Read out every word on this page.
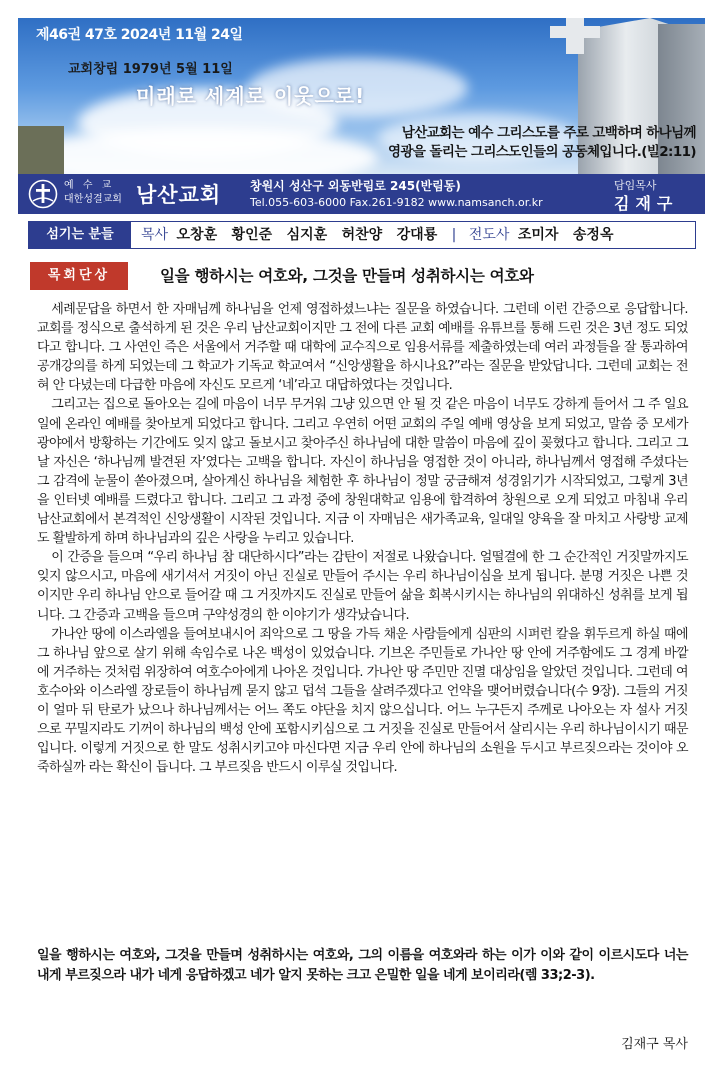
제46권 47호 2024년 11월 24일
교회창립 1979년 5월 11일
미래로 세계로 이웃으로!
남산교회는 예수 그리스도를 주로 고백하며 하나님께
영광을 돌리는 그리스도인들의 공동체입니다.(빌2:11)
예 수 교
대한성결교회 남산교회 창원시 성산구 외동반림로 245(반림동)
Tel.055-603-6000 Fax.261-9182 www.namsanch.or.kr
담임목사
김재구
섬기는 분들	목사 오창훈 황인준 심지훈 허찬양 강대룡 | 전도사 조미자 송정옥
목회단상	일을 행하시는 여호와, 그것을 만들며 성취하시는 여호와

세례문답을 하면서 한 자매님께 하나님을 언제 영접하셨느냐는 질문을 하였습니다. 그런데 이런 간증으로 응답합니다. 교회를 정식으로 출석하게 된 것은 우리 남산교회이지만 그 전에 다른 교회 예배를 유튜브를 통해 드린 것은 3년 정도 되었다고 합니다. 그 사연인 즉은 서울에서 거주할 때 대학에 교수직으로 임용서류를 제출하였는데 여러 과정들을 잘 통과하여 공개강의를 하게 되었는데 그 학교가 기독교 학교여서 “신앙생활을 하시나요?”라는 질문을 받았답니다. 그런데 교회는 전혀 안 다녔는데 다급한 마음에 자신도 모르게 ‘네’라고 대답하였다는 것입니다.

그리고는 집으로 돌아오는 길에 마음이 너무 무거워 그냥 있으면 안 될 것 같은 마음이 너무도 강하게 들어서 그 주 일요일에 온라인 예배를 찾아보게 되었다고 합니다. 그리고 우연히 어떤 교회의 주일 예배 영상을 보게 되었고, 말씀 중 모세가 광야에서 방황하는 기간에도 잊지 않고 돌보시고 찾아주신 하나님에 대한 말씀이 마음에 깊이 꽂혔다고 합니다. 그리고 그날 자신은 ‘하나님께 발견된 자’였다는 고백을 합니다. 자신이 하나님을 영접한 것이 아니라, 하나님께서 영접해 주셨다는 그 감격에 눈물이 쏟아졌으며, 살아계신 하나님을 체험한 후 하나님이 정말 궁금해져 성경읽기가 시작되었고, 그렇게 3년을 인터넷 예배를 드렸다고 합니다. 그리고 그 과정 중에 창원대학교 임용에 합격하여 창원으로 오게 되었고 마침내 우리 남산교회에서 본격적인 신앙생활이 시작된 것입니다. 지금 이 자매님은 새가족교육, 일대일 양육을 잘 마치고 사랑방 교제도 활발하게 하며 하나님과의 깊은 사랑을 누리고 있습니다.

이 간증을 들으며 “우리 하나님 참 대단하시다”라는 감탄이 저절로 나왔습니다. 얼떨결에 한 그 순간적인 거짓말까지도 잊지 않으시고, 마음에 새기셔서 거짓이 아닌 진실로 만들어 주시는 우리 하나님이심을 보게 됩니다. 분명 거짓은 나쁜 것이지만 우리 하나님 안으로 들어갈 때 그 거짓까지도 진실로 만들어 삶을 회복시키시는 하나님의 위대하신 성취를 보게 됩니다. 그 간증과 고백을 들으며 구약성경의 한 이야기가 생각났습니다.

가나안 땅에 이스라엘을 들여보내시어 죄악으로 그 땅을 가득 채운 사람들에게 심판의 시퍼런 칼을 휘두르게 하실 때에 그 하나님 앞으로 살기 위해 속임수로 나온 백성이 있었습니다. 기브온 주민들로 가나안 땅 안에 거주함에도 그 경계 바깥에 거주하는 것처럼 위장하여 여호수아에게 나아온 것입니다. 가나안 땅 주민만 진멸 대상임을 알았던 것입니다. 그런데 여호수아와 이스라엘 장로들이 하나님께 묻지 않고 덥석 그들을 살려주겠다고 언약을 맺어버렸습니다(수 9장). 그들의 거짓이 얼마 뒤 탄로가 났으나 하나님께서는 어느 쪽도 야단을 치지 않으십니다. 어느 누구든지 주께로 나아오는 자 설사 거짓으로 꾸밀지라도 기꺼이 하나님의 백성 안에 포함시키심으로 그 거짓을 진실로 만들어서 살리시는 우리 하나님이시기 때문입니다. 이렇게 거짓으로 한 말도 성취시키고야 마신다면 지금 우리 안에 하나님의 소원을 두시고 부르짖으라는 것이야 오죽하실까 라는 확신이 듭니다. 그 부르짖음 반드시 이루실 것입니다.

일을 행하시는 여호와, 그것을 만들며 성취하시는 여호와, 그의 이름을 여호와라 하는 이가 이와 같이 이르시도다 너는 내게 부르짖으라 내가 네게 응답하겠고 네가 알지 못하는 크고 은밀한 일을 네게 보이리라(렘 33;2-3).
김재구 목사
